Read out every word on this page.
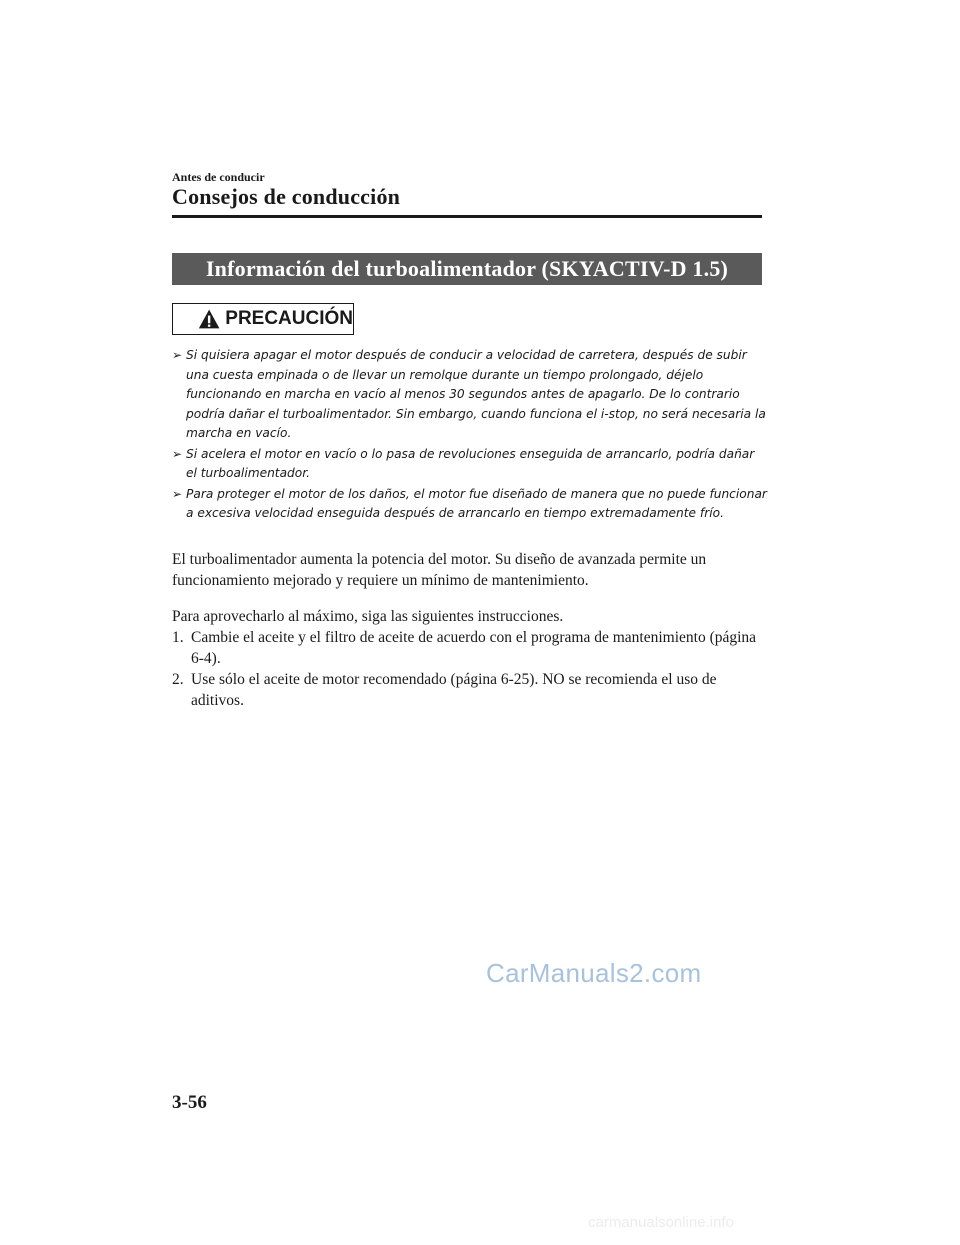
Antes de conducir
Consejos de conducción
Información del turboalimentador (SKYACTIV-D 1.5)
PRECAUCIÓN
➢ Si quisiera apagar el motor después de conducir a velocidad de carretera, después de subir una cuesta empinada o de llevar un remolque durante un tiempo prolongado, déjelo funcionando en marcha en vacío al menos 30 segundos antes de apagarlo. De lo contrario podría dañar el turboalimentador. Sin embargo, cuando funciona el i-stop, no será necesaria la marcha en vacío.
➢ Si acelera el motor en vacío o lo pasa de revoluciones enseguida de arrancarlo, podría dañar el turboalimentador.
➢ Para proteger el motor de los daños, el motor fue diseñado de manera que no puede funcionar a excesiva velocidad enseguida después de arrancarlo en tiempo extremadamente frío.
El turboalimentador aumenta la potencia del motor. Su diseño de avanzada permite un funcionamiento mejorado y requiere un mínimo de mantenimiento.
Para aprovecharlo al máximo, siga las siguientes instrucciones.
1. Cambie el aceite y el filtro de aceite de acuerdo con el programa de mantenimiento (página 6-4).
2. Use sólo el aceite de motor recomendado (página 6-25). NO se recomienda el uso de aditivos.
CarManuals2.com
3-56
carmanualsonline.info
